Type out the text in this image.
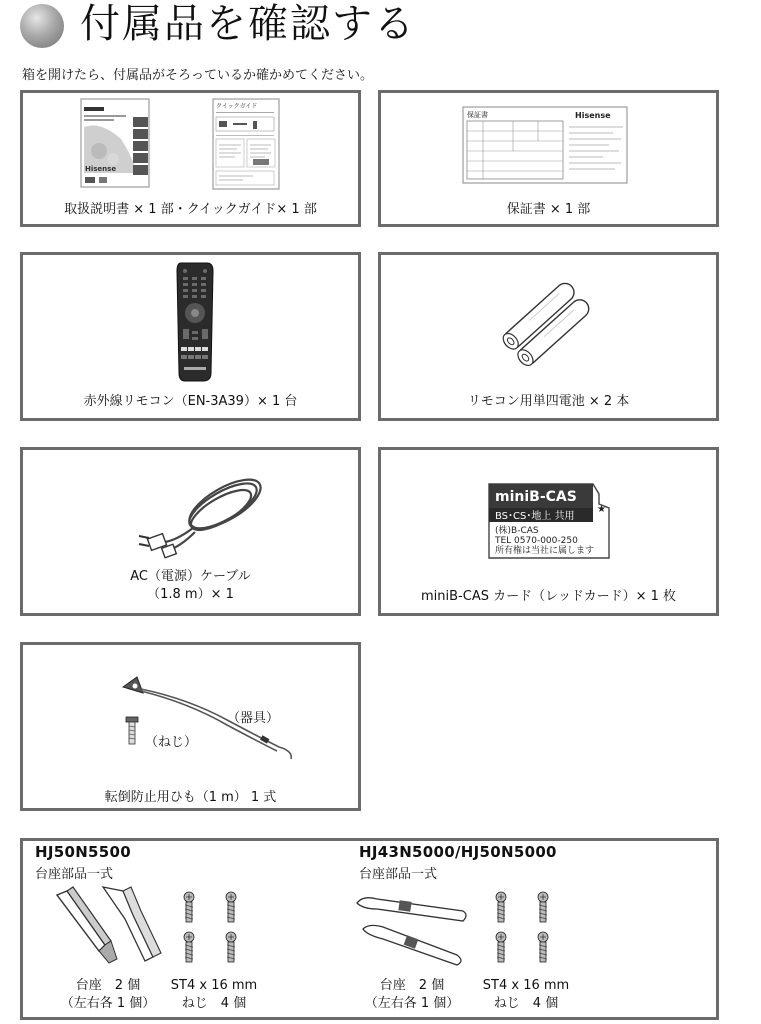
付属品を確認する
箱を開けたら、付属品がそろっているか確かめてください。
Hisense
クイックガイド
取扱説明書 × 1 部・クイックガイド× 1 部
保証書	Hisense
保証書 × 1 部
赤外線リモコン（EN-3A39）× 1 台	リモコン用単四電池 × 2 本
AC（電源）ケーブル
（1.8 m）× 1
miniB-CAS
★
BS･CS･地上 共用
(株)B-CAS
TEL 0570-000-250
所有権は当社に属します
miniB-CAS カード（レッドカード）× 1 枚
（器具）
（ねじ）
転倒防止用ひも（1 m） 1 式
HJ50N5500
台座部品一式
台座　2 個
（左右各 1 個）
ST4 x 16 mm
ねじ　4 個
HJ43N5000/HJ50N5000
台座部品一式
台座　2 個
（左右各 1 個）
ST4 x 16 mm
ねじ　4 個
